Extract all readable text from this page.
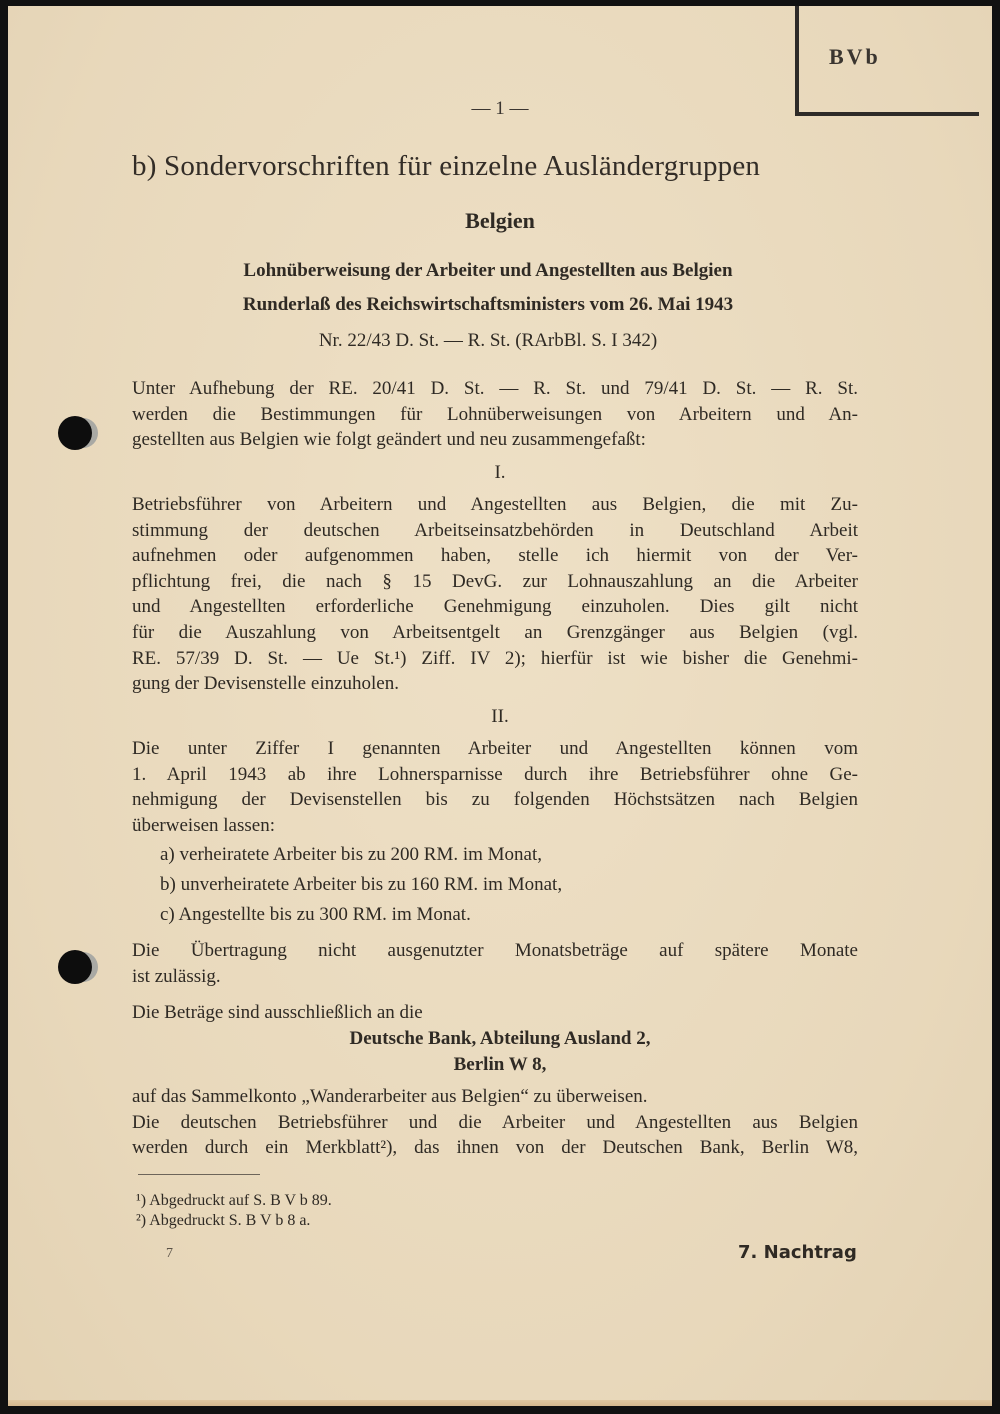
BVb
— 1 —
b) Sondervorschriften für einzelne Ausländergruppen
Belgien
Lohnüberweisung der Arbeiter und Angestellten aus Belgien
Runderlaß des Reichswirtschaftsministers vom 26. Mai 1943
Nr. 22/43 D. St. — R. St. (RArbBl. S. I 342)
Unter Aufhebung der RE. 20/41 D. St. — R. St. und 79/41 D. St. — R. St.
werden die Bestimmungen für Lohnüberweisungen von Arbeitern und An-
gestellten aus Belgien wie folgt geändert und neu zusammengefaßt:
I.
Betriebsführer von Arbeitern und Angestellten aus Belgien, die mit Zu-
stimmung der deutschen Arbeitseinsatzbehörden in Deutschland Arbeit
aufnehmen oder aufgenommen haben, stelle ich hiermit von der Ver-
pflichtung frei, die nach § 15 DevG. zur Lohnauszahlung an die Arbeiter
und Angestellten erforderliche Genehmigung einzuholen. Dies gilt nicht
für die Auszahlung von Arbeitsentgelt an Grenzgänger aus Belgien (vgl.
RE. 57/39 D. St. — Ue St.¹) Ziff. IV 2); hierfür ist wie bisher die Genehmi-
gung der Devisenstelle einzuholen.
II.
Die unter Ziffer I genannten Arbeiter und Angestellten können vom
1. April 1943 ab ihre Lohnersparnisse durch ihre Betriebsführer ohne Ge-
nehmigung der Devisenstellen bis zu folgenden Höchstsätzen nach Belgien
überweisen lassen:
a) verheiratete Arbeiter bis zu 200 RM. im Monat,
b) unverheiratete Arbeiter bis zu 160 RM. im Monat,
c) Angestellte bis zu 300 RM. im Monat.
Die Übertragung nicht ausgenutzter Monatsbeträge auf spätere Monate
ist zulässig.
Die Beträge sind ausschließlich an die
Deutsche Bank, Abteilung Ausland 2,
Berlin W 8,
auf das Sammelkonto „Wanderarbeiter aus Belgien“ zu überweisen.
Die deutschen Betriebsführer und die Arbeiter und Angestellten aus Belgien
werden durch ein Merkblatt²), das ihnen von der Deutschen Bank, Berlin W8,
¹) Abgedruckt auf S. B V b 89.
²) Abgedruckt S. B V b 8 a.
7	7. Nachtrag
